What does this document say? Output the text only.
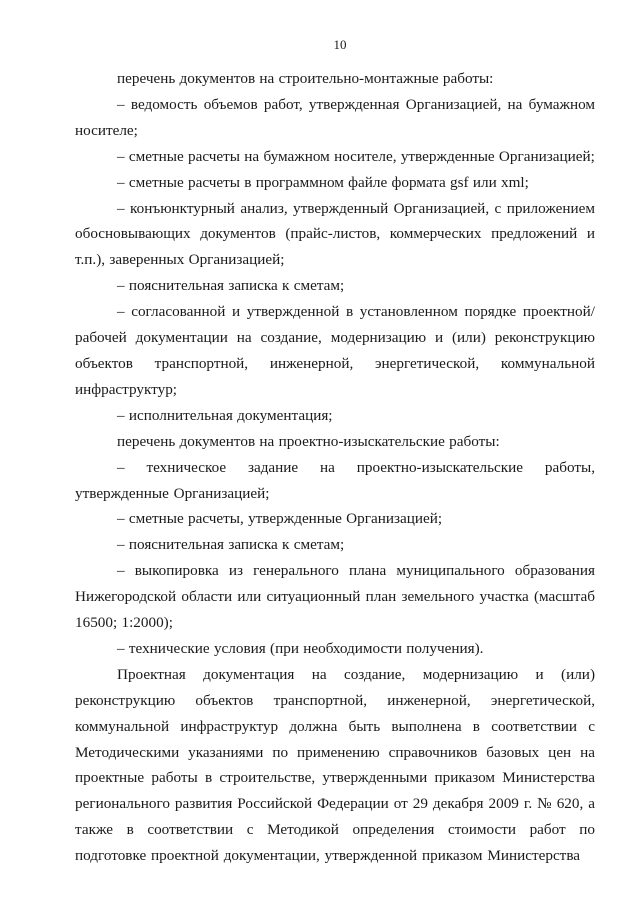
10

перечень документов на строительно-монтажные работы:

– ведомость объемов работ, утвержденная Организацией, на бумажном носителе;

– сметные расчеты на бумажном носителе, утвержденные Организацией;

– сметные расчеты в программном файле формата gsf или xml;

– конъюнктурный анализ, утвержденный Организацией, с приложением обосновывающих документов (прайс-листов, коммерческих предложений и т.п.), заверенных Организацией;

– пояснительная записка к сметам;

– согласованной и утвержденной в установленном порядке проектной/рабочей документации на создание, модернизацию и (или) реконструкцию объектов транспортной, инженерной, энергетической, коммунальной инфраструктур;

– исполнительная документация;

перечень документов на проектно-изыскательские работы:

– техническое задание на проектно-изыскательские работы, утвержденные Организацией;

– сметные расчеты, утвержденные Организацией;

– пояснительная записка к сметам;

– выкопировка из генерального плана муниципального образования Нижегородской области или ситуационный план земельного участка (масштаб 16500; 1:2000);

– технические условия (при необходимости получения).

Проектная документация на создание, модернизацию и (или) реконструкцию объектов транспортной, инженерной, энергетической, коммунальной инфраструктур должна быть выполнена в соответствии с Методическими указаниями по применению справочников базовых цен на проектные работы в строительстве, утвержденными приказом Министерства регионального развития Российской Федерации от 29 декабря 2009 г. № 620, а также в соответствии с Методикой определения стоимости работ по подготовке проектной документации, утвержденной приказом Министерства
